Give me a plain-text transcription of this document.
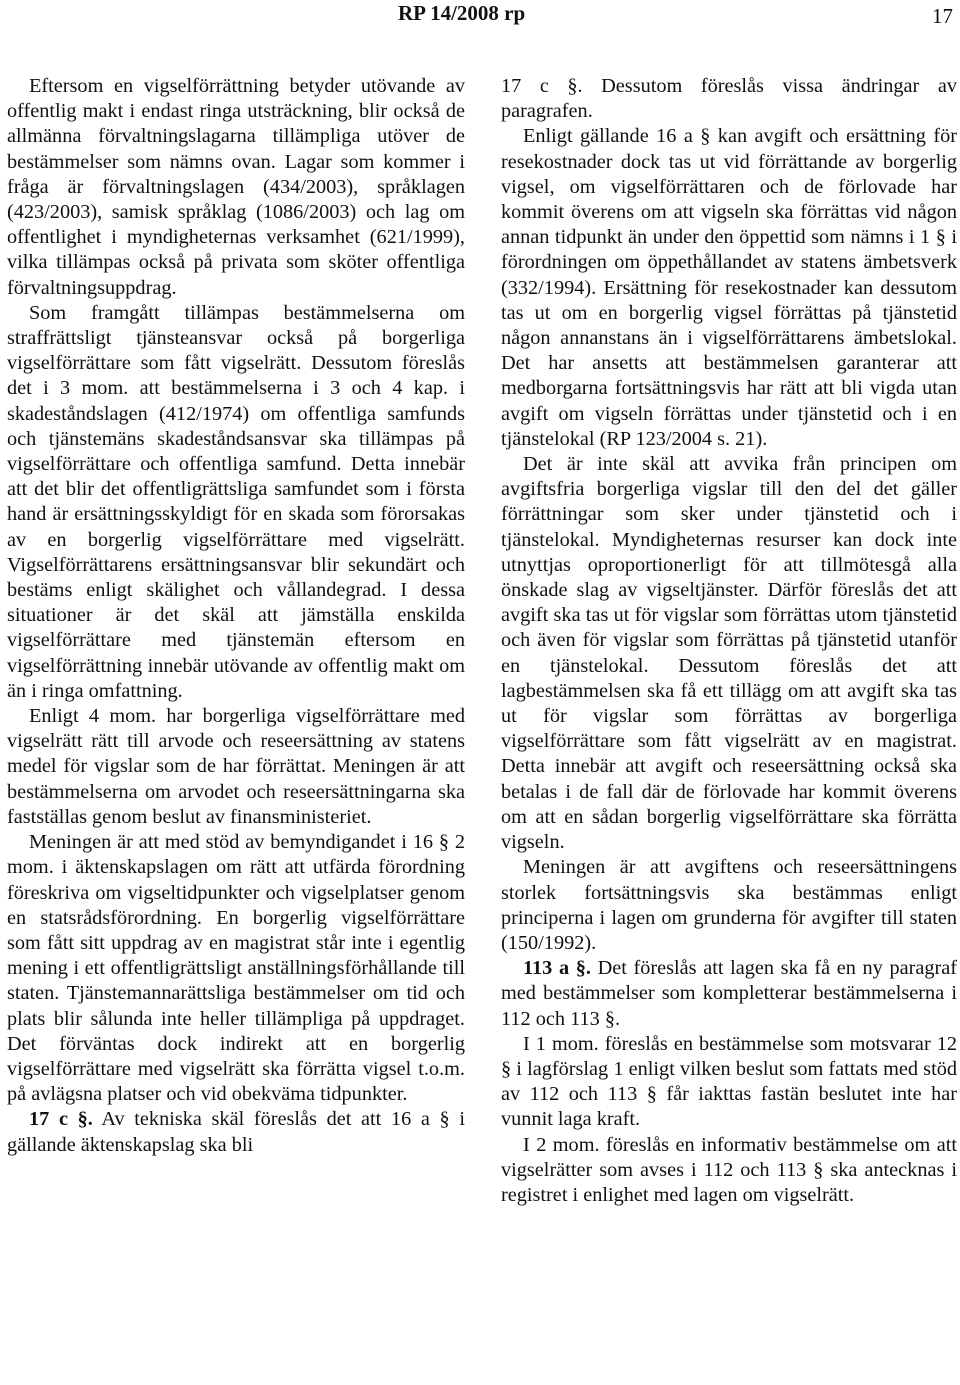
RP 14/2008 rp	17

Eftersom en vigselförrättning betyder utövande av offentlig makt i endast ringa utsträckning, blir också de allmänna förvaltningslagarna tillämpliga utöver de bestämmelser som nämns ovan. Lagar som kommer i fråga är förvaltningslagen (434/2003), språklagen (423/2003), samisk språklag (1086/2003) och lag om offentlighet i myndigheternas verksamhet (621/1999), vilka tillämpas också på privata som sköter offentliga förvaltningsuppdrag.

Som framgått tillämpas bestämmelserna om straffrättsligt tjänsteansvar också på borgerliga vigselförrättare som fått vigselrätt. Dessutom föreslås det i 3 mom. att bestämmelserna i 3 och 4 kap. i skadeståndslagen (412/1974) om offentliga samfunds och tjänstemäns skadeståndsansvar ska tillämpas på vigselförrättare och offentliga samfund. Detta innebär att det blir det offentligrättsliga samfundet som i första hand är ersättningsskyldigt för en skada som förorsakas av en borgerlig vigselförrättare med vigselrätt. Vigselförrättarens ersättningsansvar blir sekundärt och bestäms enligt skälighet och vållandegrad. I dessa situationer är det skäl att jämställa enskilda vigselförrättare med tjänstemän eftersom en vigselförrättning innebär utövande av offentlig makt om än i ringa omfattning.

Enligt 4 mom. har borgerliga vigselförrättare med vigselrätt rätt till arvode och reseersättning av statens medel för vigslar som de har förrättat. Meningen är att bestämmelserna om arvodet och reseersättningarna ska fastställas genom beslut av finansministeriet.

Meningen är att med stöd av bemyndigandet i 16 § 2 mom. i äktenskapslagen om rätt att utfärda förordning föreskriva om vigseltidpunkter och vigselplatser genom en statsrådsförordning. En borgerlig vigselförrättare som fått sitt uppdrag av en magistrat står inte i egentlig mening i ett offentligrättsligt anställningsförhållande till staten. Tjänstemannarättsliga bestämmelser om tid och plats blir sålunda inte heller tillämpliga på uppdraget. Det förväntas dock indirekt att en borgerlig vigselförrättare med vigselrätt ska förrätta vigsel t.o.m. på avlägsna platser och vid obekväma tidpunkter.

17 c §. Av tekniska skäl föreslås det att 16 a § i gällande äktenskapslag ska bli

17 c §. Dessutom föreslås vissa ändringar av paragrafen.

Enligt gällande 16 a § kan avgift och ersättning för resekostnader dock tas ut vid förrättande av borgerlig vigsel, om vigselförrättaren och de förlovade har kommit överens om att vigseln ska förrättas vid någon annan tidpunkt än under den öppettid som nämns i 1 § i förordningen om öppethållandet av statens ämbetsverk (332/1994). Ersättning för resekostnader kan dessutom tas ut om en borgerlig vigsel förrättas på tjänstetid någon annanstans än i vigselförrättarens ämbetslokal. Det har ansetts att bestämmelsen garanterar att medborgarna fortsättningsvis har rätt att bli vigda utan avgift om vigseln förrättas under tjänstetid och i en tjänstelokal (RP 123/2004 s. 21).

Det är inte skäl att avvika från principen om avgiftsfria borgerliga vigslar till den del det gäller förrättningar som sker under tjänstetid och i tjänstelokal. Myndigheternas resurser kan dock inte utnyttjas oproportionerligt för att tillmötesgå alla önskade slag av vigseltjänster. Därför föreslås det att avgift ska tas ut för vigslar som förrättas utom tjänstetid och även för vigslar som förrättas på tjänstetid utanför en tjänstelokal. Dessutom föreslås det att lagbestämmelsen ska få ett tillägg om att avgift ska tas ut för vigslar som förrättas av borgerliga vigselförrättare som fått vigselrätt av en magistrat. Detta innebär att avgift och reseersättning också ska betalas i de fall där de förlovade har kommit överens om att en sådan borgerlig vigselförrättare ska förrätta vigseln.

Meningen är att avgiftens och reseersättningens storlek fortsättningsvis ska bestämmas enligt principerna i lagen om grunderna för avgifter till staten (150/1992).

113 a §. Det föreslås att lagen ska få en ny paragraf med bestämmelser som kompletterar bestämmelserna i 112 och 113 §.

I 1 mom. föreslås en bestämmelse som motsvarar 12 § i lagförslag 1 enligt vilken beslut som fattats med stöd av 112 och 113 § får iakttas fastän beslutet inte har vunnit laga kraft.

I 2 mom. föreslås en informativ bestämmelse om att vigselrätter som avses i 112 och 113 § ska antecknas i registret i enlighet med lagen om vigselrätt.
